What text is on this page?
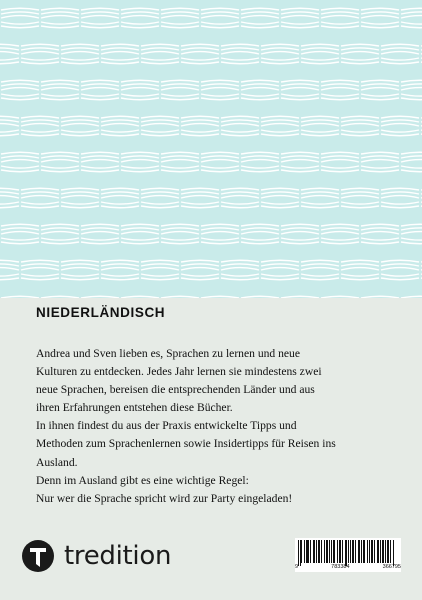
NIEDERLÄNDISCH
Andrea und Sven lieben es, Sprachen zu lernen und neue
Kulturen zu entdecken. Jedes Jahr lernen sie mindestens zwei
neue Sprachen, bereisen die entsprechenden Länder und aus
ihren Erfahrungen entstehen diese Bücher.
In ihnen findest du aus der Praxis entwickelte Tipps und
Methoden zum Sprachenlernen sowie Insidertipps für Reisen ins
Ausland.
Denn im Ausland gibt es eine wichtige Regel:
Nur wer die Sprache spricht wird zur Party eingeladen!
tredition	9	783384	366795
